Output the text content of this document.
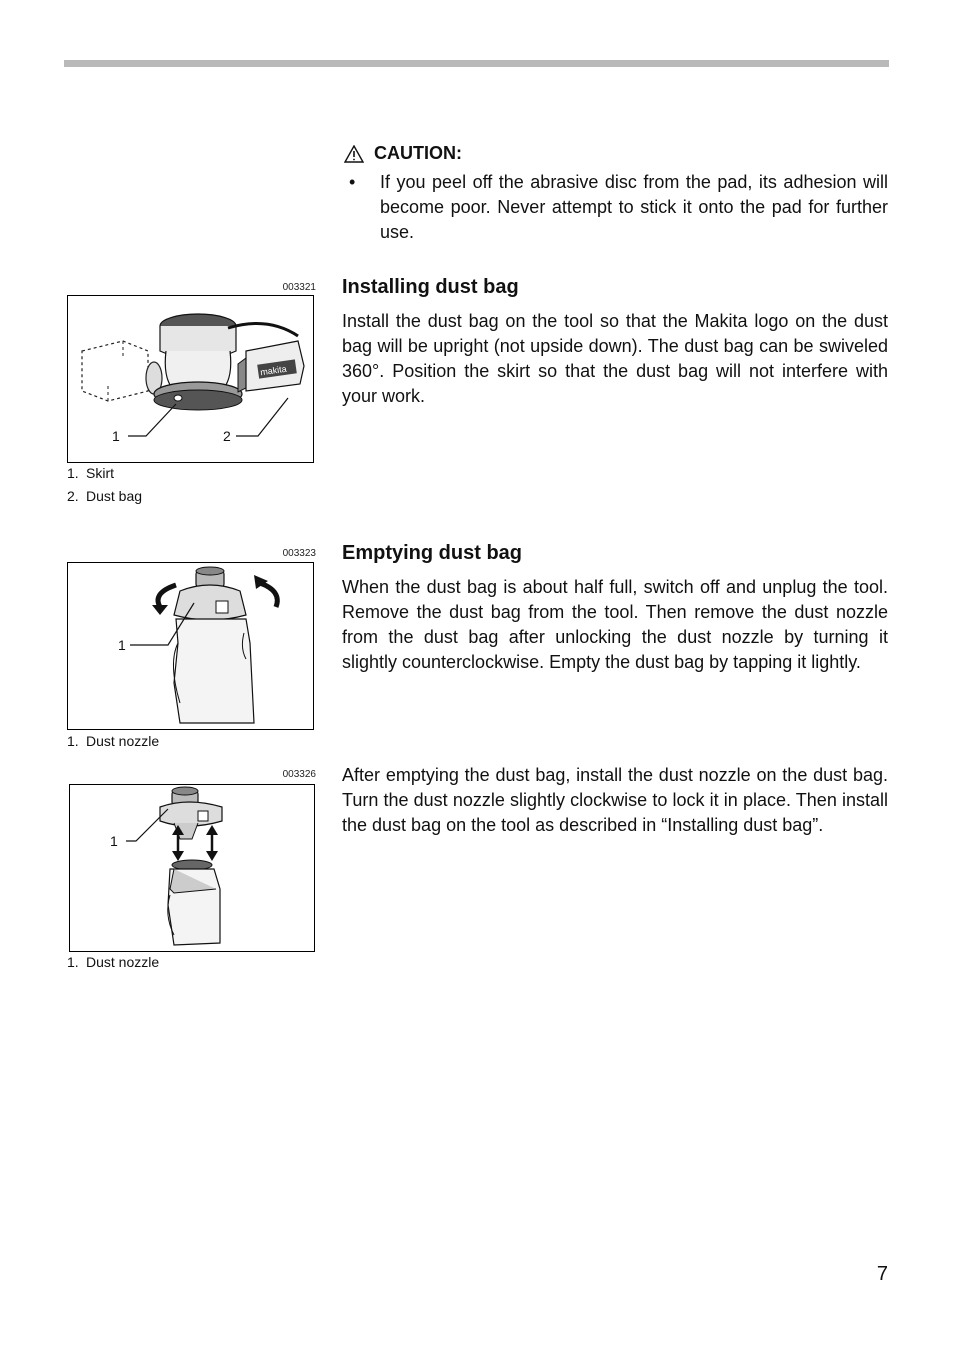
CAUTION:
• If you peel off the abrasive disc from the pad, its adhesion will become poor. Never attempt to stick it onto the pad for further use.
003321
makita
1	2
1. Skirt
2. Dust bag
Installing dust bag
Install the dust bag on the tool so that the Makita logo on the dust bag will be upright (not upside down). The dust bag can be swiveled 360°. Position the skirt so that the dust bag will not interfere with your work.
003323
1
1. Dust nozzle
Emptying dust bag
When the dust bag is about half full, switch off and unplug the tool. Remove the dust bag from the tool. Then remove the dust nozzle from the dust bag after unlocking the dust nozzle by turning it slightly counterclockwise. Empty the dust bag by tapping it lightly.
003326
1
1. Dust nozzle
After emptying the dust bag, install the dust nozzle on the dust bag. Turn the dust nozzle slightly clockwise to lock it in place. Then install the dust bag on the tool as described in “Installing dust bag”.
7
